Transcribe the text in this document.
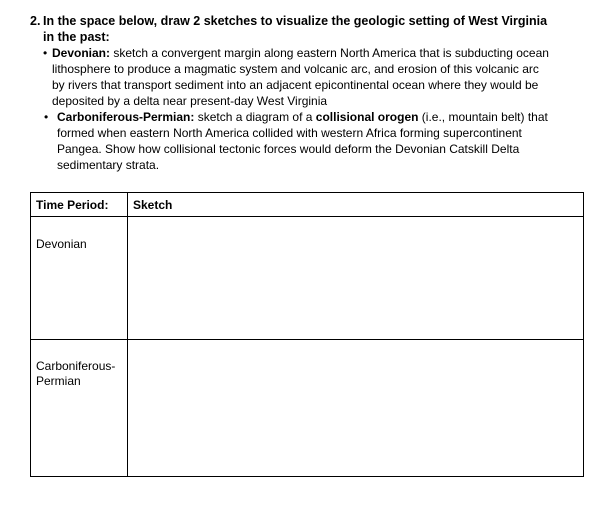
2. In the space below, draw 2 sketches to visualize the geologic setting of West Virginia in the past:
• Devonian: sketch a convergent margin along eastern North America that is subducting ocean lithosphere to produce a magmatic system and volcanic arc, and erosion of this volcanic arc by rivers that transport sediment into an adjacent epicontinental ocean where they would be deposited by a delta near present-day West Virginia
• Carboniferous-Permian: sketch a diagram of a collisional orogen (i.e., mountain belt) that formed when eastern North America collided with western Africa forming supercontinent Pangea. Show how collisional tectonic forces would deform the Devonian Catskill Delta sedimentary strata.
Time Period:	Sketch

Devonian	

Carboniferous-Permian	
